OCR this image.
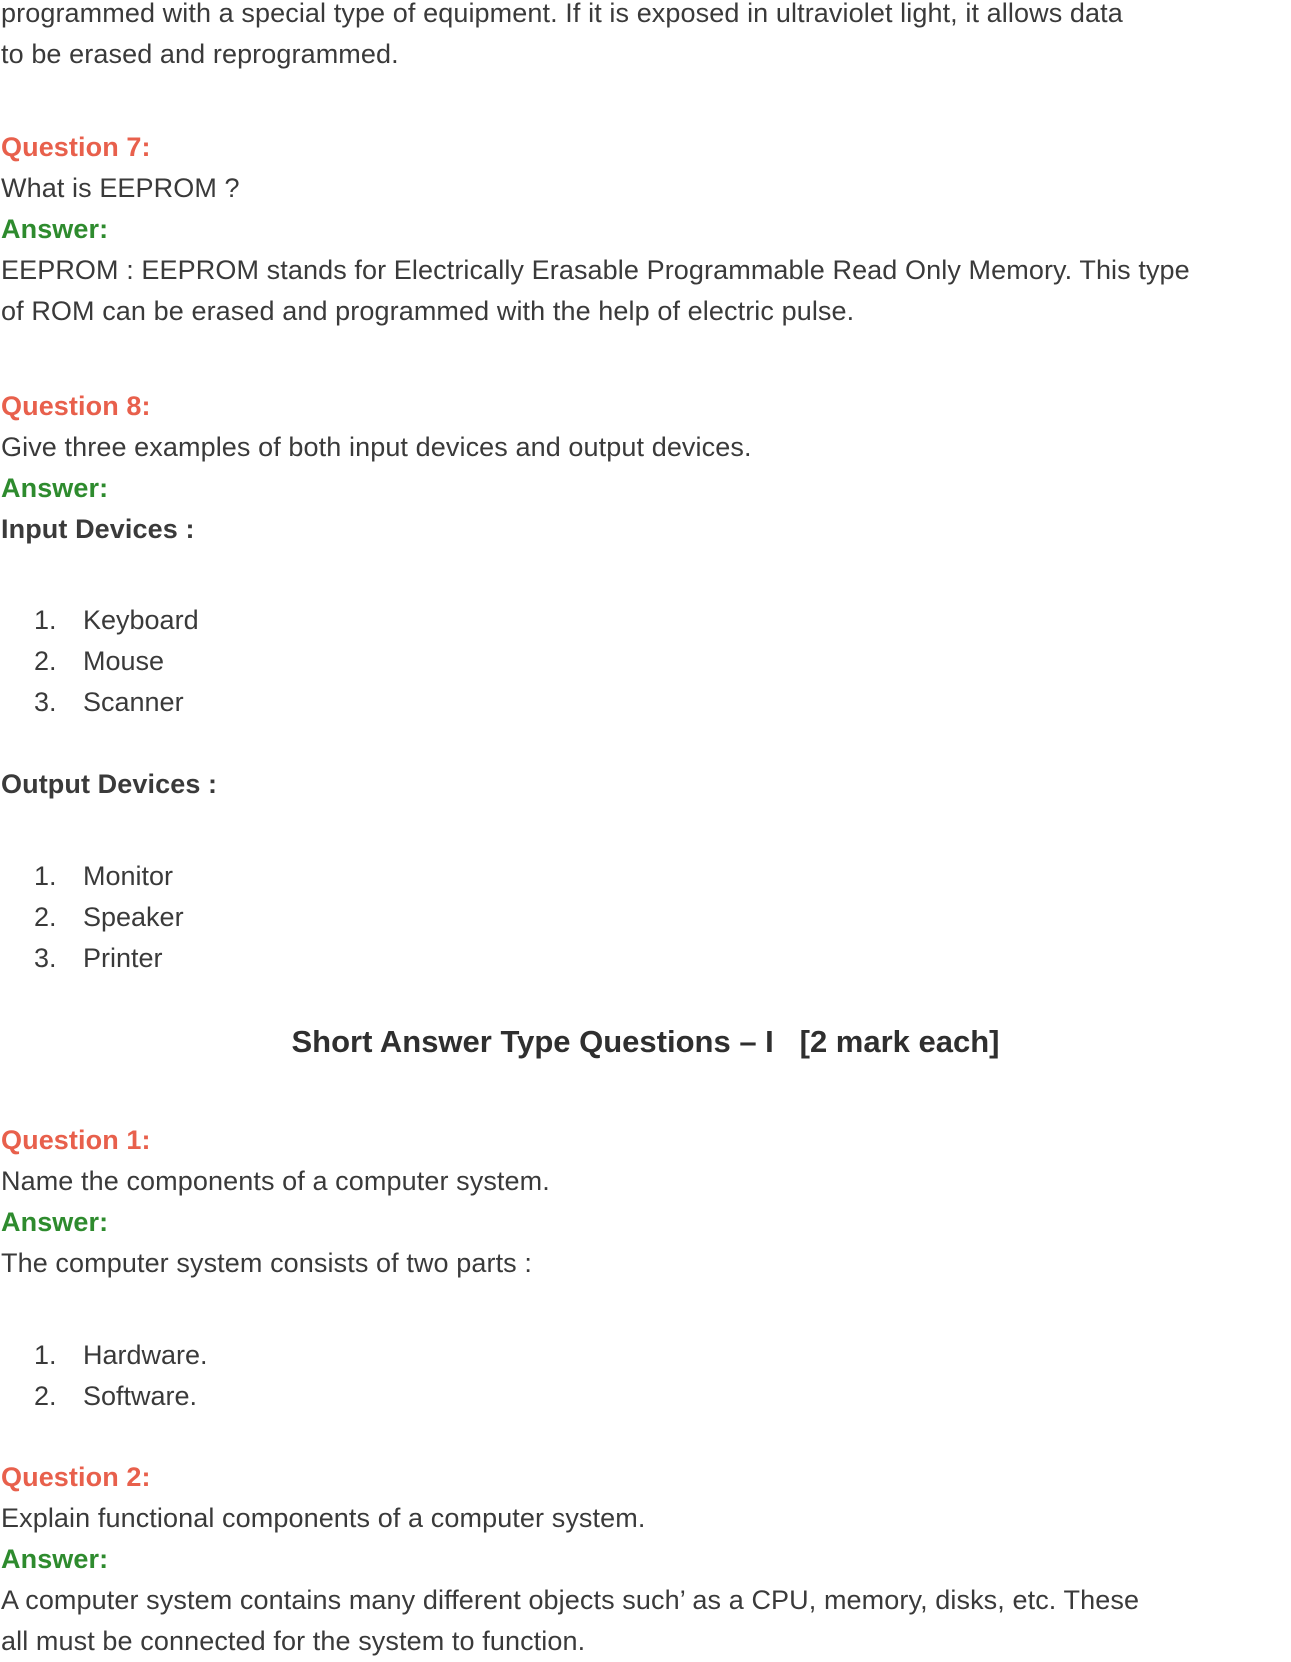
programmed with a special type of equipment. If it is exposed in ultraviolet light, it allows data
to be erased and reprogrammed.
Question 7:
What is EEPROM ?
Answer:
EEPROM : EEPROM stands for Electrically Erasable Programmable Read Only Memory. This type
of ROM can be erased and programmed with the help of electric pulse.
Question 8:
Give three examples of both input devices and output devices.
Answer:
Input Devices :
1. Keyboard
2. Mouse
3. Scanner
Output Devices :
1. Monitor
2. Speaker
3. Printer
Short Answer Type Questions – I   [2 mark each]
Question 1:
Name the components of a computer system.
Answer:
The computer system consists of two parts :
1. Hardware.
2. Software.
Question 2:
Explain functional components of a computer system.
Answer:
A computer system contains many different objects such’ as a CPU, memory, disks, etc. These
all must be connected for the system to function.
